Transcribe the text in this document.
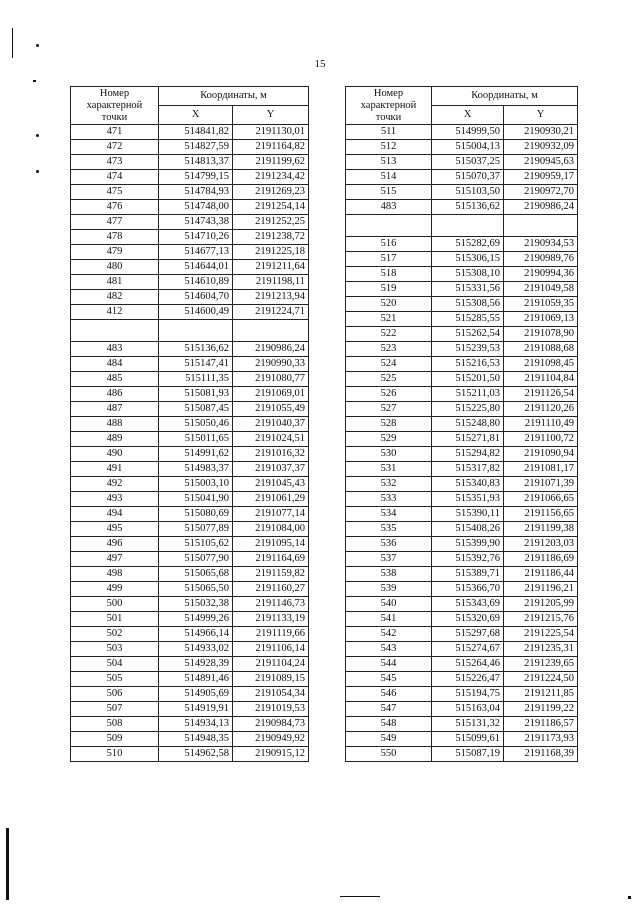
15
Номер характерной точки	Координаты, м	
	X	Y
471	514841,82	2191130,01
472	514827,59	2191164,82
473	514813,37	2191199,62
474	514799,15	2191234,42
475	514784,93	2191269,23
476	514748,00	2191254,14
477	514743,38	2191252,25
478	514710,26	2191238,72
479	514677,13	2191225,18
480	514644,01	2191211,64
481	514610,89	2191198,11
482	514604,70	2191213,94
412	514600,49	2191224,71

483	515136,62	2190986,24
484	515147,41	2190990,33
485	515111,35	2191080,77
486	515081,93	2191069,01
487	515087,45	2191055,49
488	515050,46	2191040,37
489	515011,65	2191024,51
490	514991,62	2191016,32
491	514983,37	2191037,37
492	515003,10	2191045,43
493	515041,90	2191061,29
494	515080,69	2191077,14
495	515077,89	2191084,00
496	515105,62	2191095,14
497	515077,90	2191164,69
498	515065,68	2191159,82
499	515065,50	2191160,27
500	515032,38	2191146,73
501	514999,26	2191133,19
502	514966,14	2191119,66
503	514933,02	2191106,14
504	514928,39	2191104,24
505	514891,46	2191089,15
506	514905,69	2191054,34
507	514919,91	2191019,53
508	514934,13	2190984,73
509	514948,35	2190949,92
510	514962,58	2190915,12
Номер характерной точки	Координаты, м	
	X	Y
511	514999,50	2190930,21
512	515004,13	2190932,09
513	515037,25	2190945,63
514	515070,37	2190959,17
515	515103,50	2190972,70
483	515136,62	2190986,24

516	515282,69	2190934,53
517	515306,15	2190989,76
518	515308,10	2190994,36
519	515331,56	2191049,58
520	515308,56	2191059,35
521	515285,55	2191069,13
522	515262,54	2191078,90
523	515239,53	2191088,68
524	515216,53	2191098,45
525	515201,50	2191104,84
526	515211,03	2191126,54
527	515225,80	2191120,26
528	515248,80	2191110,49
529	515271,81	2191100,72
530	515294,82	2191090,94
531	515317,82	2191081,17
532	515340,83	2191071,39
533	515351,93	2191066,65
534	515390,11	2191156,65
535	515408,26	2191199,38
536	515399,90	2191203,03
537	515392,76	2191186,69
538	515389,71	2191186,44
539	515366,70	2191196,21
540	515343,69	2191205,99
541	515320,69	2191215,76
542	515297,68	2191225,54
543	515274,67	2191235,31
544	515264,46	2191239,65
545	515226,47	2191224,50
546	515194,75	2191211,85
547	515163,04	2191199,22
548	515131,32	2191186,57
549	515099,61	2191173,93
550	515087,19	2191168,39
